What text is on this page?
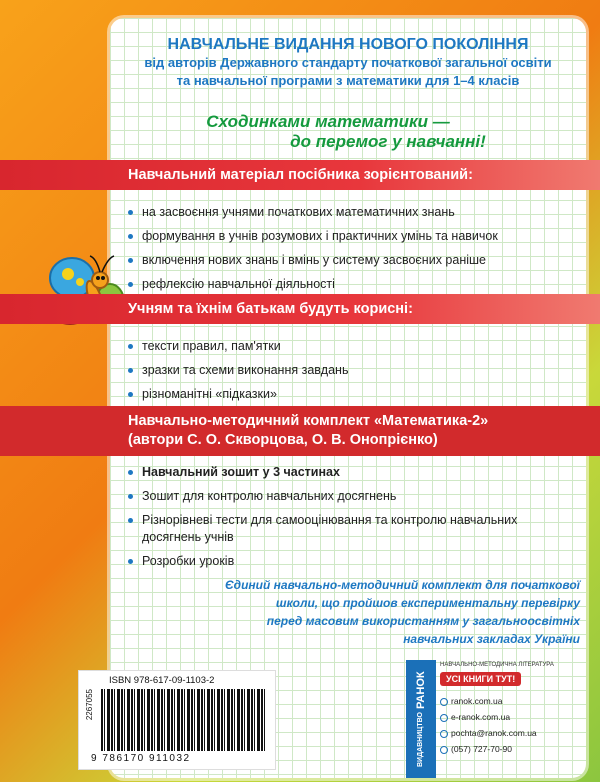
НАВЧАЛЬНЕ ВИДАННЯ НОВОГО ПОКОЛІННЯ
від авторів Державного стандарту початкової загальної освіти
та навчальної програми з математики для 1–4 класів
Сходинками математики —
до перемог у навчанні!
Навчальний матеріал посібника зорієнтований:
на засвоєння учнями початкових математичних знань
формування в учнів розумових і практичних умінь та навичок
включення нових знань і вмінь у систему засвоєних раніше
рефлексію навчальної діяльності
Учням та їхнім батькам будуть корисні:
тексти правил, пам'ятки
зразки та схеми виконання завдань
різноманітні «підказки»
Навчально-методичний комплект «Математика-2»
(автори С. О. Скворцова, О. В. Онопрієнко)
Навчальний зошит у 3 частинах
Зошит для контролю навчальних досягнень
Різнорівневі тести для самооцінювання та контролю навчальних досягнень учнів
Розробки уроків
Єдиний навчально-методичний комплект для початкової
школи, що пройшов експериментальну перевірку
перед масовим використанням у загальноосвітніх
навчальних закладах України
2267055
ISBN 978-617-09-1103-2
9 786170 911032	ВИДАВНИЦТВО РАНОК
НАВЧАЛЬНО-МЕТОДИЧНА ЛІТЕРАТУРА
УСІ КНИГИ ТУТ!
ranok.com.ua
e-ranok.com.ua
pochta@ranok.com.ua
(057) 727-70-90
